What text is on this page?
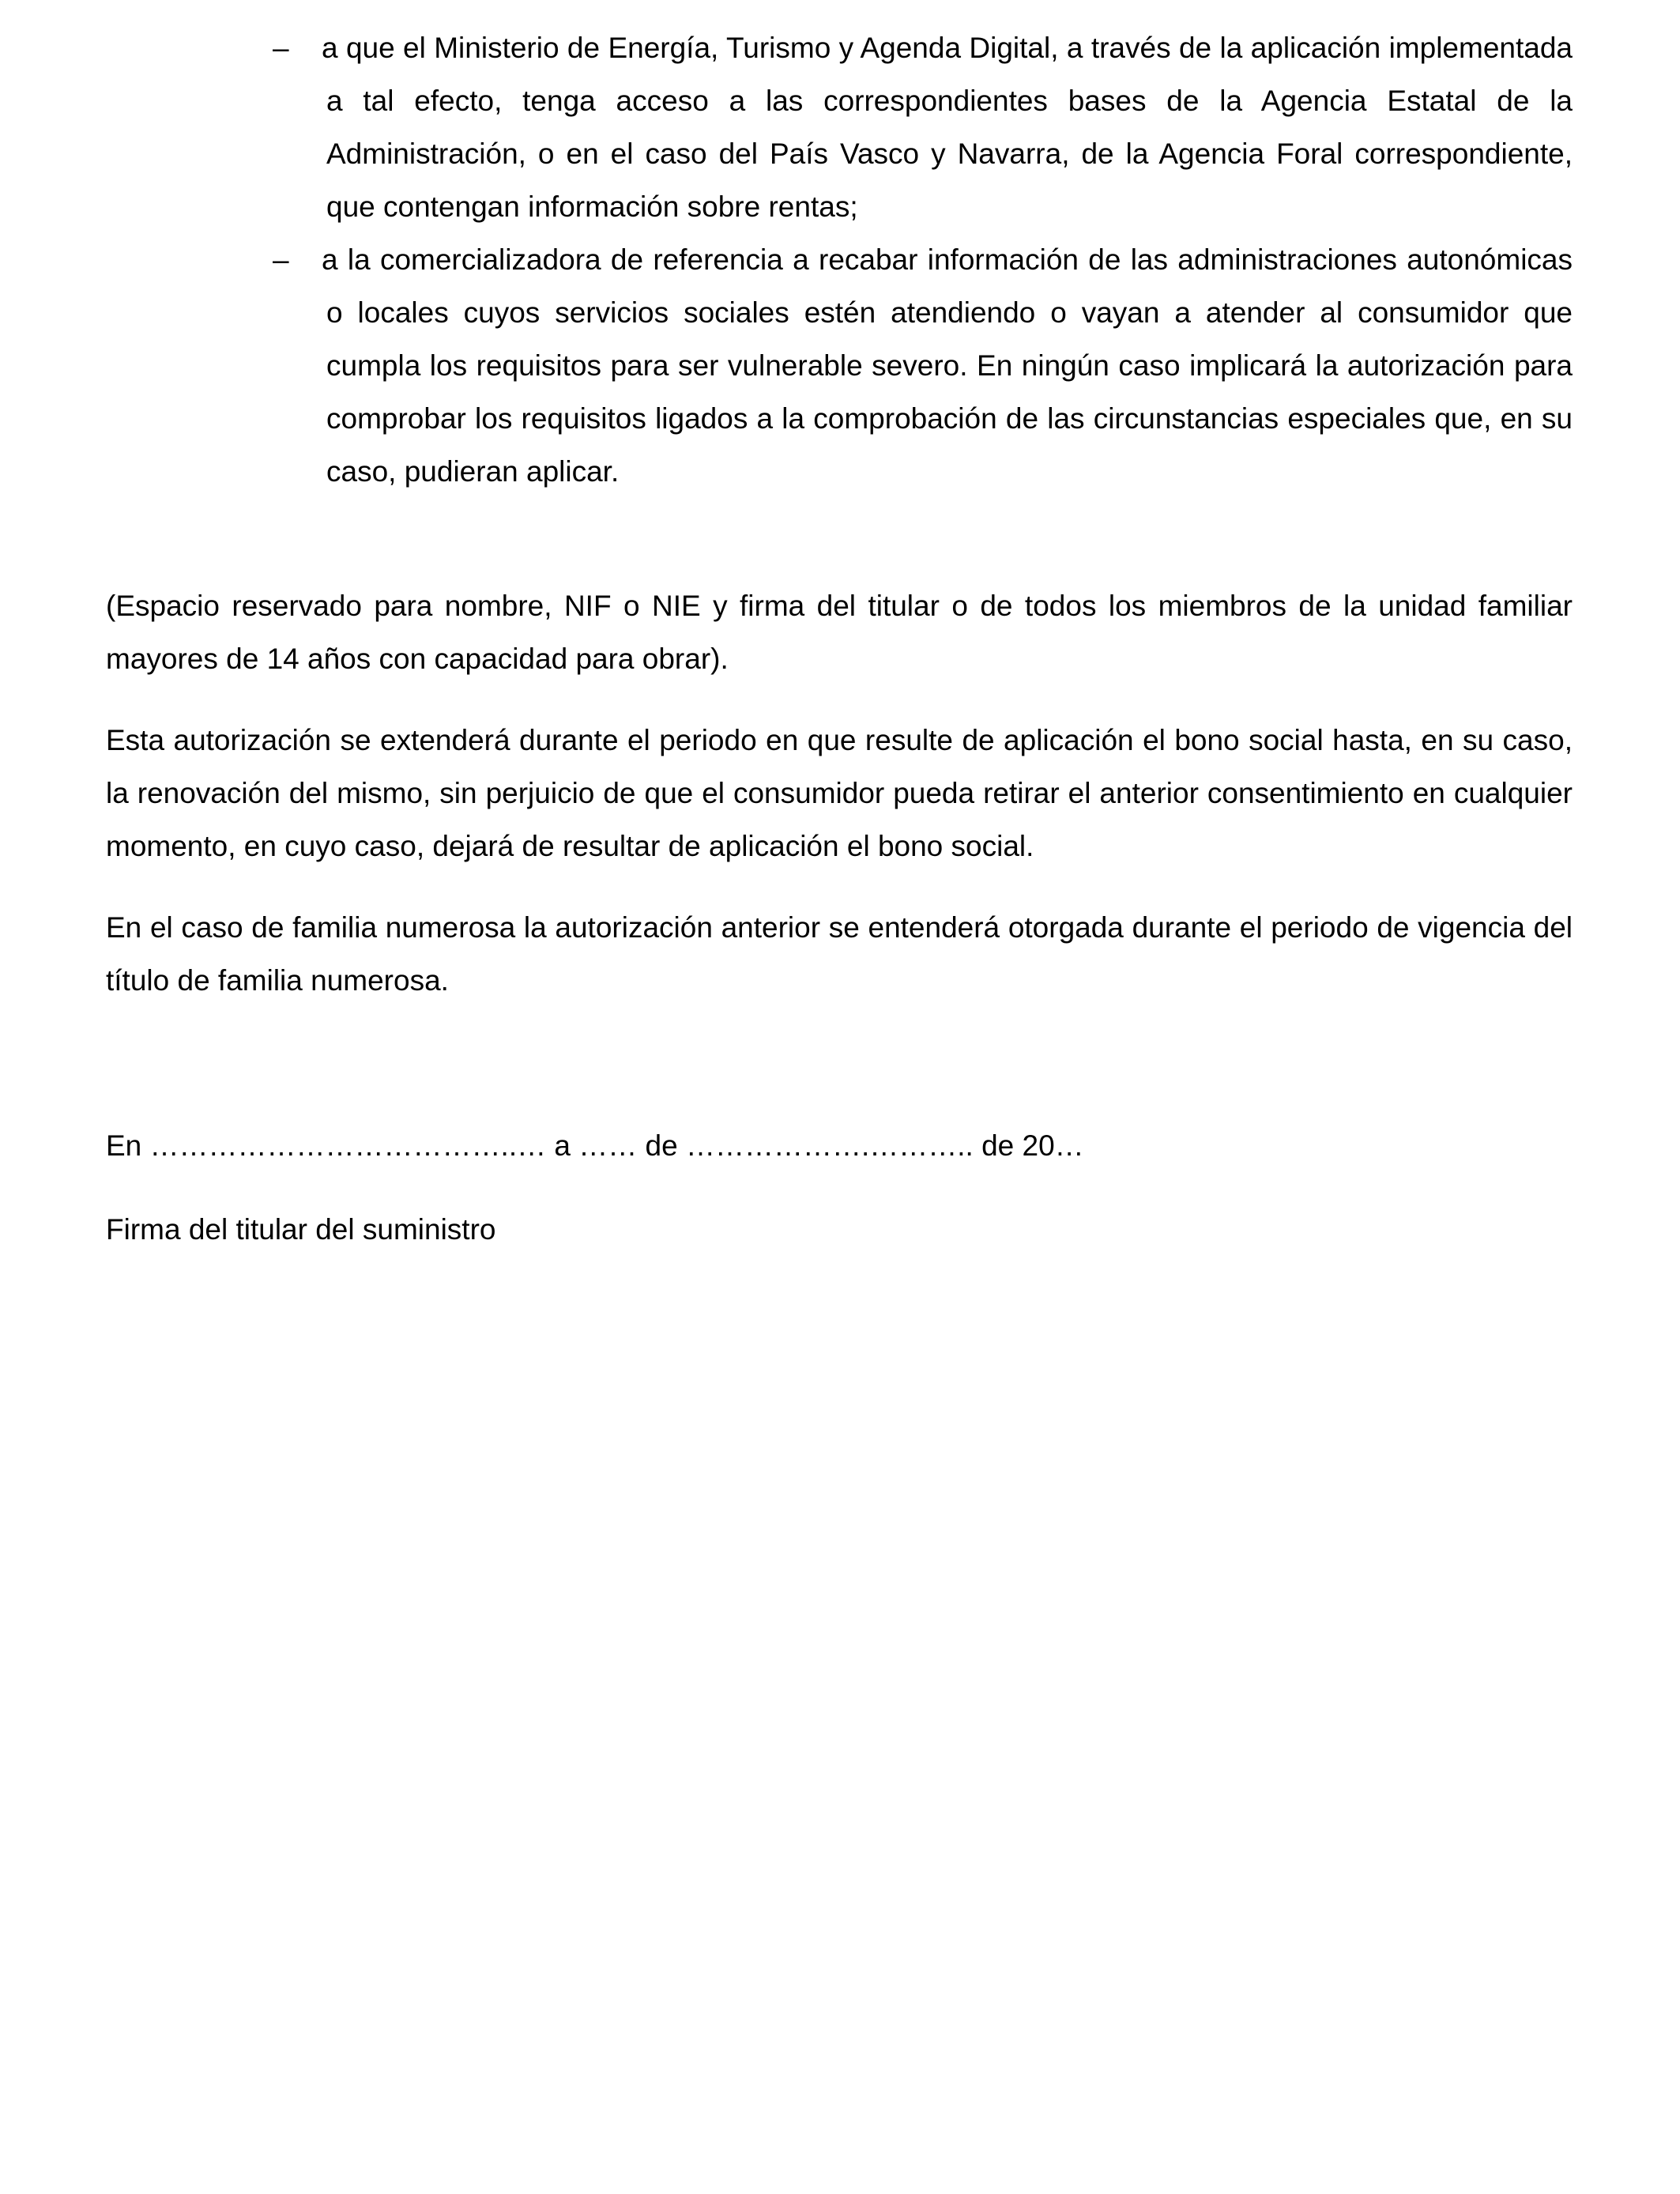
– a que el Ministerio de Energía, Turismo y Agenda Digital, a través de la aplicación implementada a tal efecto, tenga acceso a las correspondientes bases de la Agencia Estatal de la Administración, o en el caso del País Vasco y Navarra, de la Agencia Foral correspondiente, que contengan información sobre rentas;

– a la comercializadora de referencia a recabar información de las administraciones autonómicas o locales cuyos servicios sociales estén atendiendo o vayan a atender al consumidor que cumpla los requisitos para ser vulnerable severo. En ningún caso implicará la autorización para comprobar los requisitos ligados a la comprobación de las circunstancias especiales que, en su caso, pudieran aplicar.

(Espacio reservado para nombre, NIF o NIE y firma del titular o de todos los miembros de la unidad familiar mayores de 14 años con capacidad para obrar).

Esta autorización se extenderá durante el periodo en que resulte de aplicación el bono social hasta, en su caso, la renovación del mismo, sin perjuicio de que el consumidor pueda retirar el anterior consentimiento en cualquier momento, en cuyo caso, dejará de resultar de aplicación el bono social.

En el caso de familia numerosa la autorización anterior se entenderá otorgada durante el periodo de vigencia del título de familia numerosa.

En ………………………………..… a …… de ……………….……….. de 20…
Firma del titular del suministro
